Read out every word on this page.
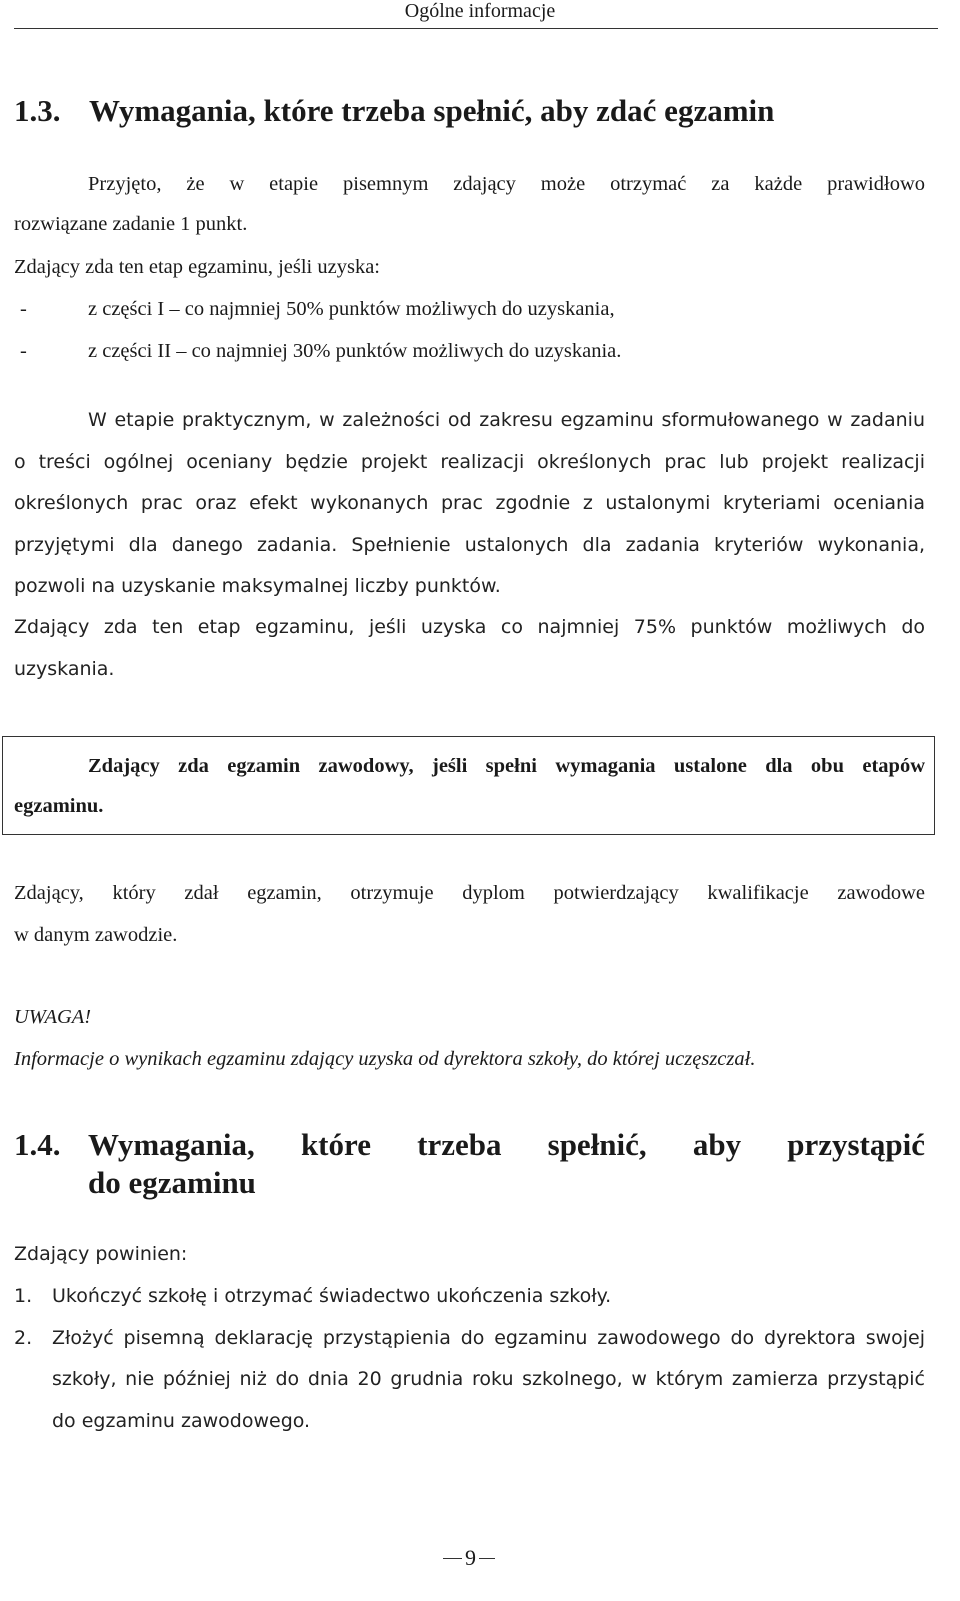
Ogólne informacje
1.3. Wymagania, które trzeba spełnić, aby zdać egzamin
Przyjęto, że w etapie pisemnym zdający może otrzymać za każde prawidłowo
rozwiązane zadanie 1 punkt.
Zdający zda ten etap egzaminu, jeśli uzyska:
-	z części I – co najmniej 50% punktów możliwych do uzyskania,
-	z części II – co najmniej 30% punktów możliwych do uzyskania.
W etapie praktycznym, w zależności od zakresu egzaminu sformułowanego w zadaniu
o treści ogólnej oceniany będzie projekt realizacji określonych prac lub projekt realizacji
określonych prac oraz efekt wykonanych prac zgodnie z ustalonymi kryteriami oceniania
przyjętymi dla danego zadania. Spełnienie ustalonych dla zadania kryteriów wykonania,
pozwoli na uzyskanie maksymalnej liczby punktów.
Zdający zda ten etap egzaminu, jeśli uzyska co najmniej 75% punktów możliwych do
uzyskania.
Zdający zda egzamin zawodowy, jeśli spełni wymagania ustalone dla obu etapów
egzaminu.
Zdający, który zdał egzamin, otrzymuje dyplom potwierdzający kwalifikacje zawodowe
w danym zawodzie.
UWAGA!
Informacje o wynikach egzaminu zdający uzyska od dyrektora szkoły, do której uczęszczał.
1.4. Wymagania, które trzeba spełnić, aby przystąpić
do egzaminu
Zdający powinien:
1. Ukończyć szkołę i otrzymać świadectwo ukończenia szkoły.
2. Złożyć pisemną deklarację przystąpienia do egzaminu zawodowego do dyrektora swojej
szkoły, nie później niż do dnia 20 grudnia roku szkolnego, w którym zamierza przystąpić
do egzaminu zawodowego.
9
